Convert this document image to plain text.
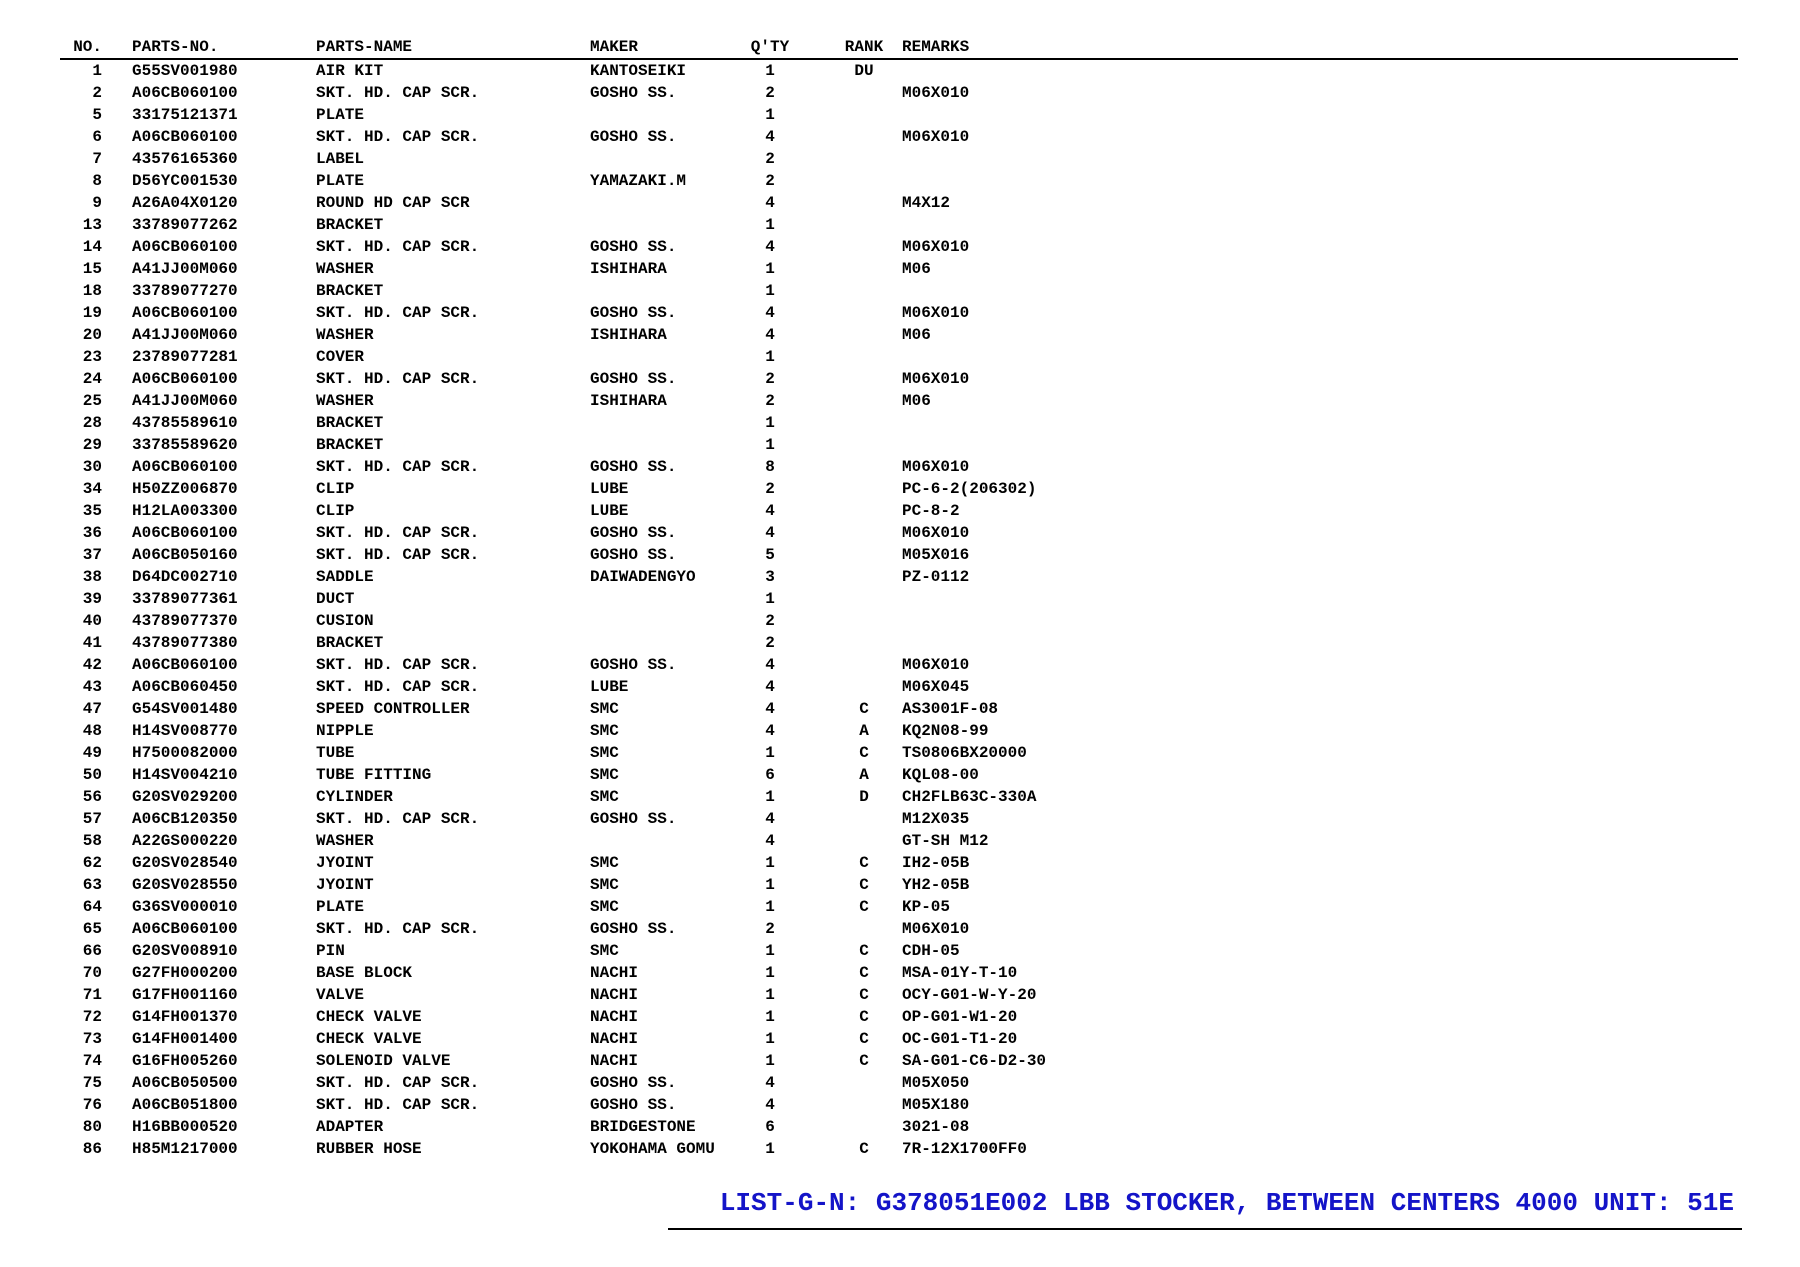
NO. PARTS-NO.	PARTS-NAME	MAKER	Q'TY	RANK	REMARKS
1 G55SV001980	AIR KIT	KANTOSEIKI	1	DU
2 A06CB060100	SKT. HD. CAP SCR.	GOSHO SS.	2	M06X010
5 33175121371	PLATE	1
6 A06CB060100	SKT. HD. CAP SCR.	GOSHO SS.	4	M06X010
7 43576165360	LABEL	2
8 D56YC001530	PLATE	YAMAZAKI.M	2
9 A26A04X0120	ROUND HD CAP SCR	4	M4X12
13 33789077262	BRACKET	1
14 A06CB060100	SKT. HD. CAP SCR.	GOSHO SS.	4	M06X010
15 A41JJ00M060	WASHER	ISHIHARA	1	M06
18 33789077270	BRACKET	1
19 A06CB060100	SKT. HD. CAP SCR.	GOSHO SS.	4	M06X010
20 A41JJ00M060	WASHER	ISHIHARA	4	M06
23 23789077281	COVER	1
24 A06CB060100	SKT. HD. CAP SCR.	GOSHO SS.	2	M06X010
25 A41JJ00M060	WASHER	ISHIHARA	2	M06
28 43785589610	BRACKET	1
29 33785589620	BRACKET	1
30 A06CB060100	SKT. HD. CAP SCR.	GOSHO SS.	8	M06X010
34 H50ZZ006870	CLIP	LUBE	2	PC-6-2(206302)
35 H12LA003300	CLIP	LUBE	4	PC-8-2
36 A06CB060100	SKT. HD. CAP SCR.	GOSHO SS.	4	M06X010
37 A06CB050160	SKT. HD. CAP SCR.	GOSHO SS.	5	M05X016
38 D64DC002710	SADDLE	DAIWADENGYO	3	PZ-0112
39 33789077361	DUCT	1
40 43789077370	CUSION	2
41 43789077380	BRACKET	2
42 A06CB060100	SKT. HD. CAP SCR.	GOSHO SS.	4	M06X010
43 A06CB060450	SKT. HD. CAP SCR.	LUBE	4	M06X045
47 G54SV001480	SPEED CONTROLLER	SMC	4	C	AS3001F-08
48 H14SV008770	NIPPLE	SMC	4	A	KQ2N08-99
49 H7500082000	TUBE	SMC	1	C	TS0806BX20000
50 H14SV004210	TUBE FITTING	SMC	6	A	KQL08-00
56 G20SV029200	CYLINDER	SMC	1	D	CH2FLB63C-330A
57 A06CB120350	SKT. HD. CAP SCR.	GOSHO SS.	4	M12X035
58 A22GS000220	WASHER	4	GT-SH M12
62 G20SV028540	JYOINT	SMC	1	C	IH2-05B
63 G20SV028550	JYOINT	SMC	1	C	YH2-05B
64 G36SV000010	PLATE	SMC	1	C	KP-05
65 A06CB060100	SKT. HD. CAP SCR.	GOSHO SS.	2	M06X010
66 G20SV008910	PIN	SMC	1	C	CDH-05
70 G27FH000200	BASE BLOCK	NACHI	1	C	MSA-01Y-T-10
71 G17FH001160	VALVE	NACHI	1	C	OCY-G01-W-Y-20
72 G14FH001370	CHECK VALVE	NACHI	1	C	OP-G01-W1-20
73 G14FH001400	CHECK VALVE	NACHI	1	C	OC-G01-T1-20
74 G16FH005260	SOLENOID VALVE	NACHI	1	C	SA-G01-C6-D2-30
75 A06CB050500	SKT. HD. CAP SCR.	GOSHO SS.	4	M05X050
76 A06CB051800	SKT. HD. CAP SCR.	GOSHO SS.	4	M05X180
80 H16BB000520	ADAPTER	BRIDGESTONE	6	3021-08
86 H85M1217000	RUBBER HOSE	YOKOHAMA GOMU	1	C	7R-12X1700FF0
LIST-G-N: G378051E002 LBB STOCKER, BETWEEN CENTERS 4000 UNIT: 51E
